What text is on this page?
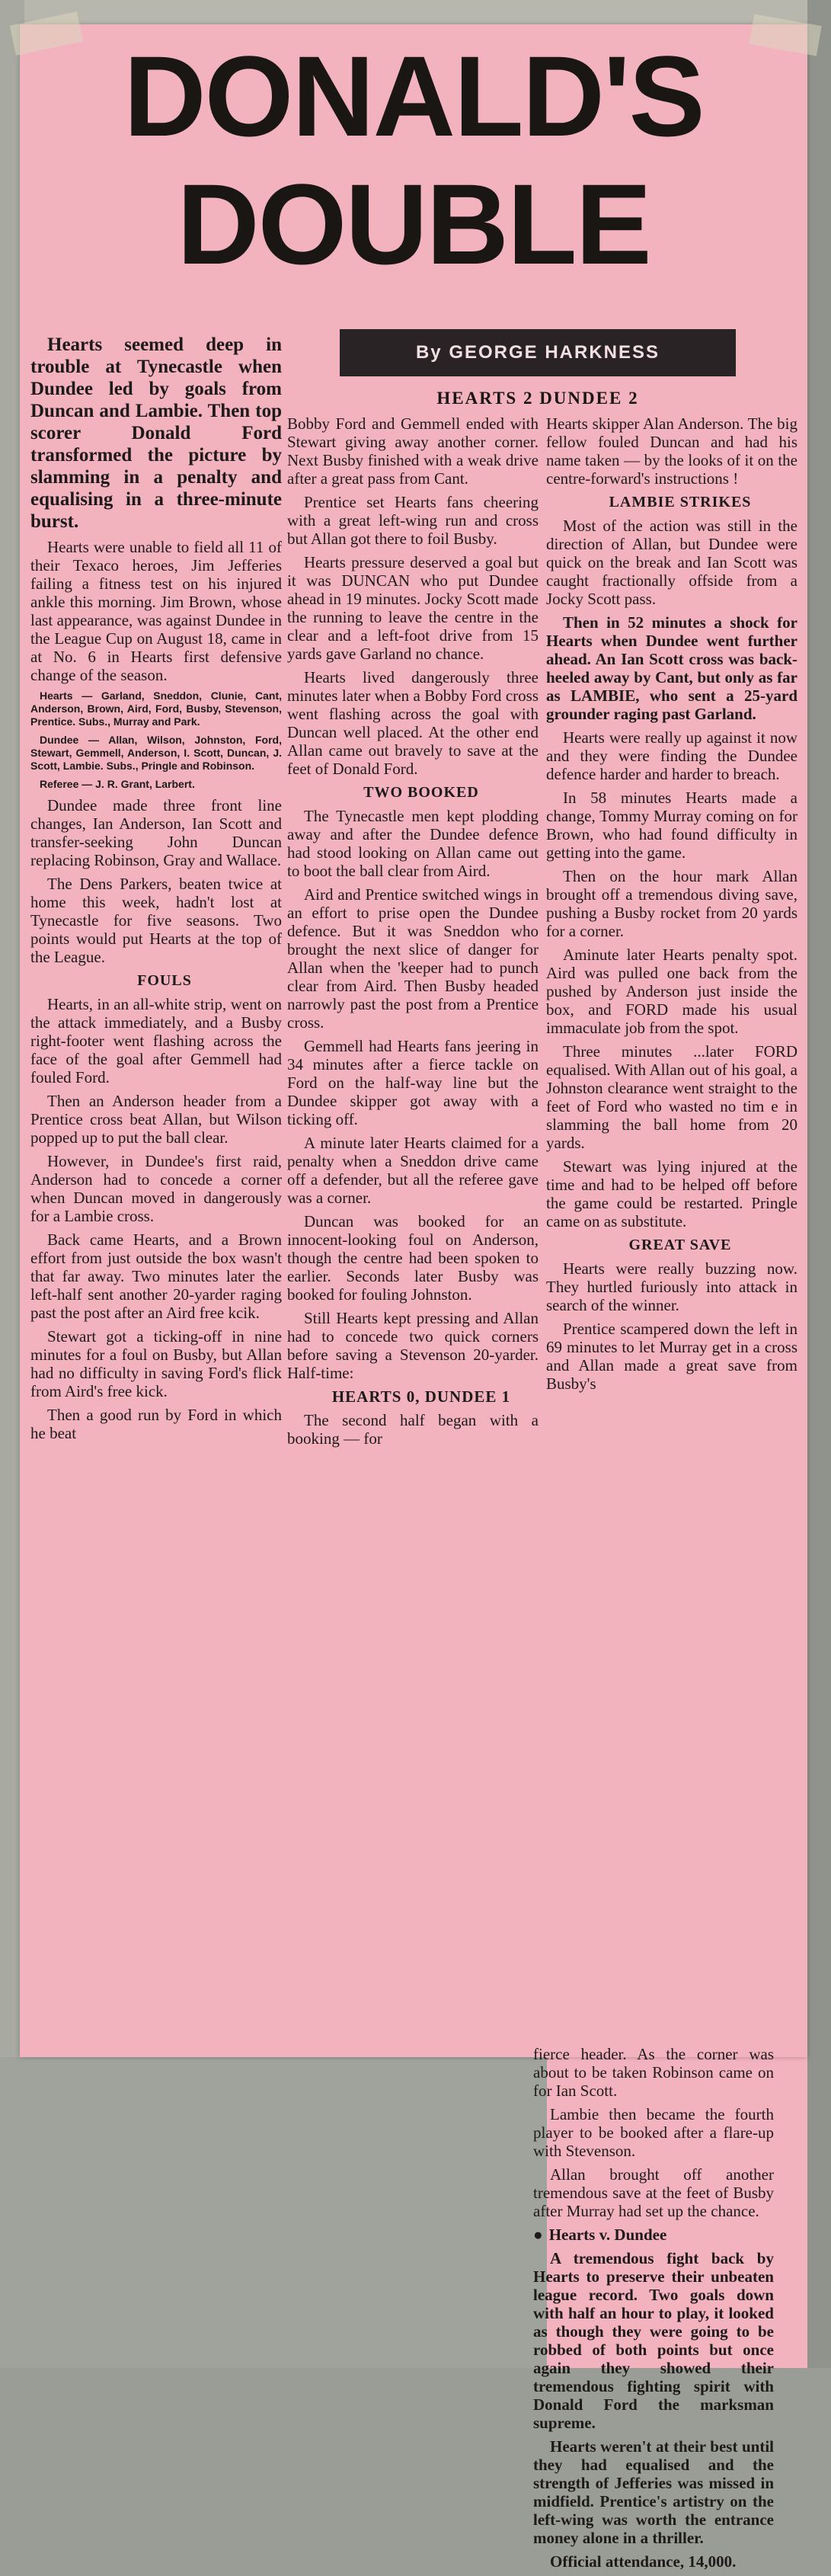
DONALD'S DOUBLE
By GEORGE HARKNESS
HEARTS 2 DUNDEE 2

Hearts seemed deep in trouble at Tynecastle when Dundee led by goals from Duncan and Lambie. Then top scorer Donald Ford transformed the picture by slamming in a penalty and equalising in a three-minute burst.

Hearts were unable to field all 11 of their Texaco heroes, Jim Jefferies failing a fitness test on his injured ankle this morning. Jim Brown, whose last appearance, was against Dundee in the League Cup on August 18, came in at No. 6 in Hearts first defensive change of the season.

Hearts — Garland, Sneddon, Clunie, Cant, Anderson, Brown, Aird, Ford, Busby, Stevenson, Prentice. Subs., Murray and Park.

Dundee — Allan, Wilson, Johnston, Ford, Stewart, Gemmell, Anderson, I. Scott, Duncan, J. Scott, Lambie. Subs., Pringle and Robinson.

Referee — J. R. Grant, Larbert.

Dundee made three front line changes, Ian Anderson, Ian Scott and transfer-seeking John Duncan replacing Robinson, Gray and Wallace.

The Dens Parkers, beaten twice at home this week, hadn't lost at Tynecastle for five seasons. Two points would put Hearts at the top of the League.

FOULS

Hearts, in an all-white strip, went on the attack immediately, and a Busby right-footer went flashing across the face of the goal after Gemmell had fouled Ford.

Then an Anderson header from a Prentice cross beat Allan, but Wilson popped up to put the ball clear.

However, in Dundee's first raid, Anderson had to concede a corner when Duncan moved in dangerously for a Lambie cross.

Back came Hearts, and a Brown effort from just outside the box wasn't that far away. Two minutes later the left-half sent another 20-yarder raging past the post after an Aird free kcik.

Stewart got a ticking-off in nine minutes for a foul on Busby, but Allan had no difficulty in saving Ford's flick from Aird's free kick.

Then a good run by Ford in which he beat

Bobby Ford and Gemmell ended with Stewart giving away another corner. Next Busby finished with a weak drive after a great pass from Cant.

Prentice set Hearts fans cheering with a great left-wing run and cross but Allan got there to foil Busby.

Hearts pressure deserved a goal but it was DUNCAN who put Dundee ahead in 19 minutes. Jocky Scott made the running to leave the centre in the clear and a left-foot drive from 15 yards gave Garland no chance.

Hearts lived dangerously three minutes later when a Bobby Ford cross went flashing across the goal with Duncan well placed. At the other end Allan came out bravely to save at the feet of Donald Ford.

TWO BOOKED

The Tynecastle men kept plodding away and after the Dundee defence had stood looking on Allan came out to boot the ball clear from Aird.

Aird and Prentice switched wings in an effort to prise open the Dundee defence. But it was Sneddon who brought the next slice of danger for Allan when the 'keeper had to punch clear from Aird. Then Busby headed narrowly past the post from a Prentice cross.

Gemmell had Hearts fans jeering in 34 minutes after a fierce tackle on Ford on the half-way line but the Dundee skipper got away with a ticking off.

A minute later Hearts claimed for a penalty when a Sneddon drive came off a defender, but all the referee gave was a corner.

Duncan was booked for an innocent-looking foul on Anderson, though the centre had been spoken to earlier. Seconds later Busby was booked for fouling Johnston.

Still Hearts kept pressing and Allan had to concede two quick corners before saving a Stevenson 20-yarder. Half-time:

HEARTS 0, DUNDEE 1

The second half began with a booking — for

Hearts skipper Alan Anderson. The big fellow fouled Duncan and had his name taken — by the looks of it on the centre-forward's instructions !

LAMBIE STRIKES

Most of the action was still in the direction of Allan, but Dundee were quick on the break and Ian Scott was caught fractionally offside from a Jocky Scott pass.

Then in 52 minutes a shock for Hearts when Dundee went further ahead. An Ian Scott cross was back-heeled away by Cant, but only as far as LAMBIE, who sent a 25-yard grounder raging past Garland.

Hearts were really up against it now and they were finding the Dundee defence harder and harder to breach.

In 58 minutes Hearts made a change, Tommy Murray coming on for Brown, who had found difficulty in getting into the game.

Then on the hour mark Allan brought off a tremendous diving save, pushing a Busby rocket from 20 yards for a corner.

Aminute later Hearts penalty spot. Aird was pulled one back from the pushed by Anderson just inside the box, and FORD made his usual immaculate job from the spot.

Three minutes ...later FORD equalised. With Allan out of his goal, a Johnston clearance went straight to the feet of Ford who wasted no tim e in slamming the ball home from 20 yards.

Stewart was lying injured at the time and had to be helped off before the game could be restarted. Pringle came on as substitute.

GREAT SAVE

Hearts were really buzzing now. They hurtled furiously into attack in search of the winner.

Prentice scampered down the left in 69 minutes to let Murray get in a cross and Allan made a great save from Busby's

fierce header. As the corner was about to be taken Robinson came on for Ian Scott.

Lambie then became the fourth player to be booked after a flare-up with Stevenson.

Allan brought off another tremendous save at the feet of Busby after Murray had set up the chance.

● Hearts v. Dundee

A tremendous fight back by Hearts to preserve their unbeaten league record. Two goals down with half an hour to play, it looked as though they were going to be robbed of both points but once again they showed their tremendous fighting spirit with Donald Ford the marksman supreme.

Hearts weren't at their best until they had equalised and the strength of Jefferies was missed in midfield. Prentice's artistry on the left-wing was worth the entrance money alone in a thriller.

Official attendance, 14,000.
